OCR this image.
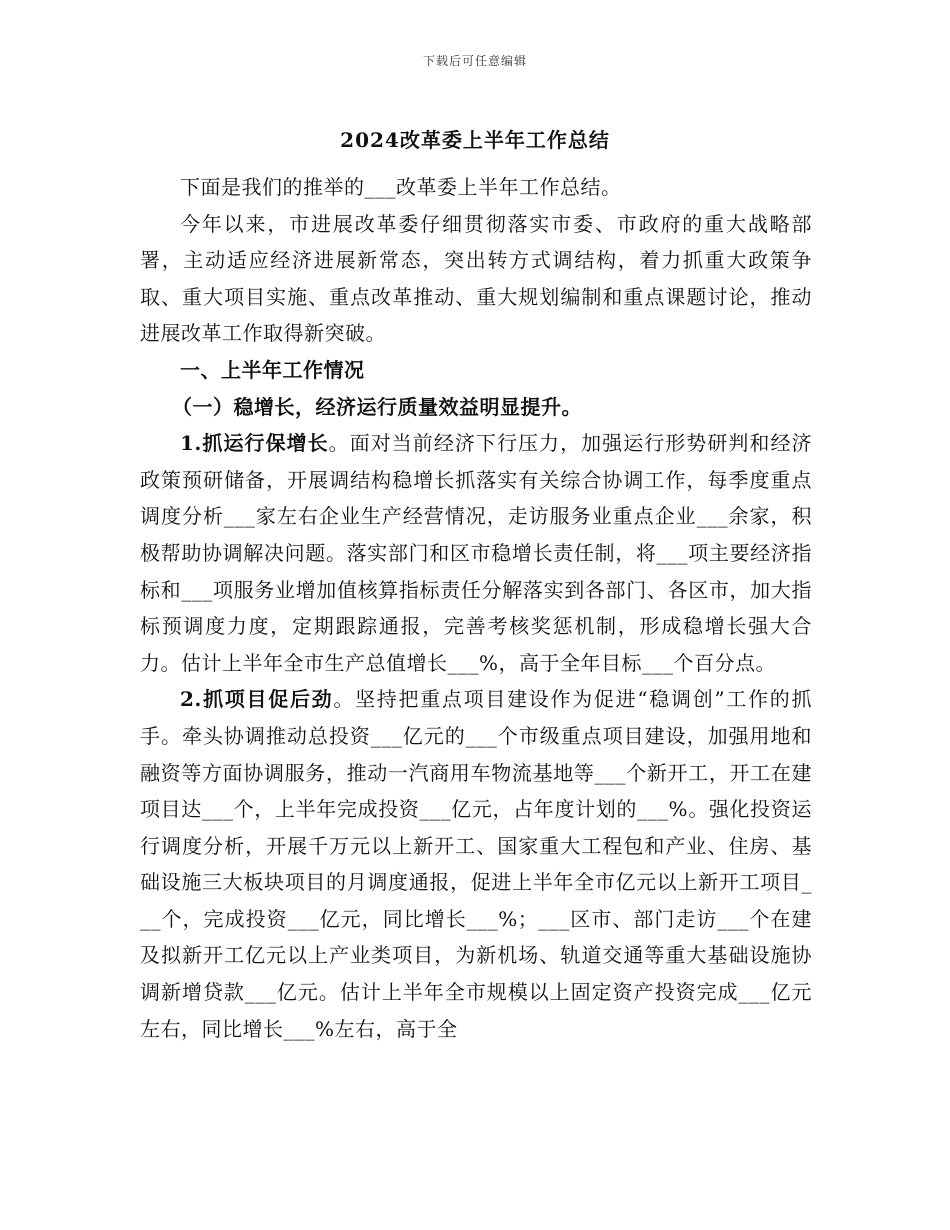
下载后可任意编辑
2024改革委上半年工作总结

下面是我们的推举的___改革委上半年工作总结。

今年以来，市进展改革委仔细贯彻落实市委、市政府的重大战略部署，主动适应经济进展新常态，突出转方式调结构，着力抓重大政策争取、重大项目实施、重点改革推动、重大规划编制和重点课题讨论，推动进展改革工作取得新突破。

一、上半年工作情况

（一）稳增长，经济运行质量效益明显提升。

1.抓运行保增长。面对当前经济下行压力，加强运行形势研判和经济政策预研储备，开展调结构稳增长抓落实有关综合协调工作，每季度重点调度分析___家左右企业生产经营情况，走访服务业重点企业___余家，积极帮助协调解决问题。落实部门和区市稳增长责任制，将___项主要经济指标和___项服务业增加值核算指标责任分解落实到各部门、各区市，加大指标预调度力度，定期跟踪通报，完善考核奖惩机制，形成稳增长强大合力。估计上半年全市生产总值增长___%，高于全年目标___个百分点。

2.抓项目促后劲。坚持把重点项目建设作为促进“稳调创”工作的抓手。牵头协调推动总投资___亿元的___个市级重点项目建设，加强用地和融资等方面协调服务，推动一汽商用车物流基地等___个新开工，开工在建项目达___个，上半年完成投资___亿元，占年度计划的___%。强化投资运行调度分析，开展千万元以上新开工、国家重大工程包和产业、住房、基础设施三大板块项目的月调度通报，促进上半年全市亿元以上新开工项目___个，完成投资___亿元，同比增长___%；___区市、部门走访___个在建及拟新开工亿元以上产业类项目，为新机场、轨道交通等重大基础设施协调新增贷款___亿元。估计上半年全市规模以上固定资产投资完成___亿元左右，同比增长___%左右，高于全
